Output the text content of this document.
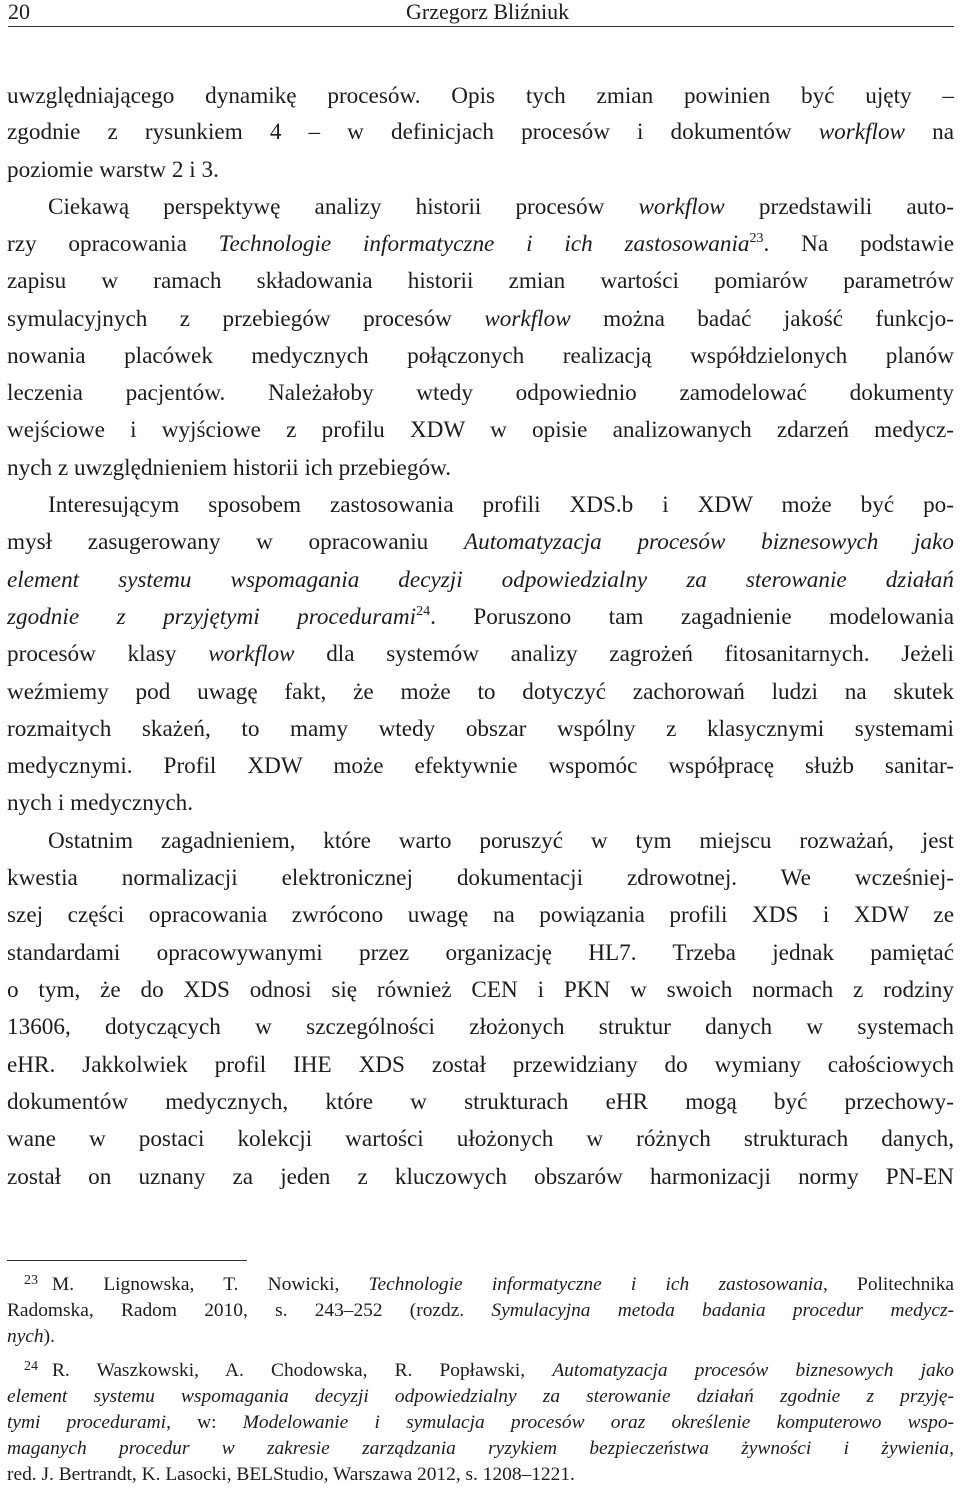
20	Grzegorz Bliźniuk
uwzględniającego dynamikę procesów. Opis tych zmian powinien być ujęty –
zgodnie z rysunkiem 4 – w definicjach procesów i dokumentów workflow na
poziomie warstw 2 i 3.
Ciekawą perspektywę analizy historii procesów workflow przedstawili auto-
rzy opracowania Technologie informatyczne i ich zastosowania$^{23}$. Na podstawie
zapisu w ramach składowania historii zmian wartości pomiarów parametrów
symulacyjnych z przebiegów procesów workflow można badać jakość funkcjo-
nowania placówek medycznych połączonych realizacją współdzielonych planów
leczenia pacjentów. Należałoby wtedy odpowiednio zamodelować dokumenty
wejściowe i wyjściowe z profilu XDW w opisie analizowanych zdarzeń medycz-
nych z uwzględnieniem historii ich przebiegów.
Interesującym sposobem zastosowania profili XDS.b i XDW może być po-
mysł zasugerowany w opracowaniu Automatyzacja procesów biznesowych jako
element systemu wspomagania decyzji odpowiedzialny za sterowanie działań
zgodnie z przyjętymi procedurami$^{24}$. Poruszono tam zagadnienie modelowania
procesów klasy workflow dla systemów analizy zagrożeń fitosanitarnych. Jeżeli
weźmiemy pod uwagę fakt, że może to dotyczyć zachorowań ludzi na skutek
rozmaitych skażeń, to mamy wtedy obszar wspólny z klasycznymi systemami
medycznymi. Profil XDW może efektywnie wspomóc współpracę służb sanitar-
nych i medycznych.
Ostatnim zagadnieniem, które warto poruszyć w tym miejscu rozważań, jest
kwestia normalizacji elektronicznej dokumentacji zdrowotnej. We wcześniej-
szej części opracowania zwrócono uwagę na powiązania profili XDS i XDW ze
standardami opracowywanymi przez organizację HL7. Trzeba jednak pamiętać
o tym, że do XDS odnosi się również CEN i PKN w swoich normach z rodziny
13606, dotyczących w szczególności złożonych struktur danych w systemach
eHR. Jakkolwiek profil IHE XDS został przewidziany do wymiany całościowych
dokumentów medycznych, które w strukturach eHR mogą być przechowy-
wane w postaci kolekcji wartości ułożonych w różnych strukturach danych,
został on uznany za jeden z kluczowych obszarów harmonizacji normy PN-EN
$^{23}$ M. Lignowska, T. Nowicki, Technologie informatyczne i ich zastosowania, Politechnika
Radomska, Radom 2010, s. 243–252 (rozdz. Symulacyjna metoda badania procedur medycz-
nych).
$^{24}$ R. Waszkowski, A. Chodowska, R. Popławski, Automatyzacja procesów biznesowych jako
element systemu wspomagania decyzji odpowiedzialny za sterowanie działań zgodnie z przyję-
tymi procedurami, w: Modelowanie i symulacja procesów oraz określenie komputerowo wspo-
maganych procedur w zakresie zarządzania ryzykiem bezpieczeństwa żywności i żywienia,
red. J. Bertrandt, K. Lasocki, BELStudio, Warszawa 2012, s. 1208–1221.
